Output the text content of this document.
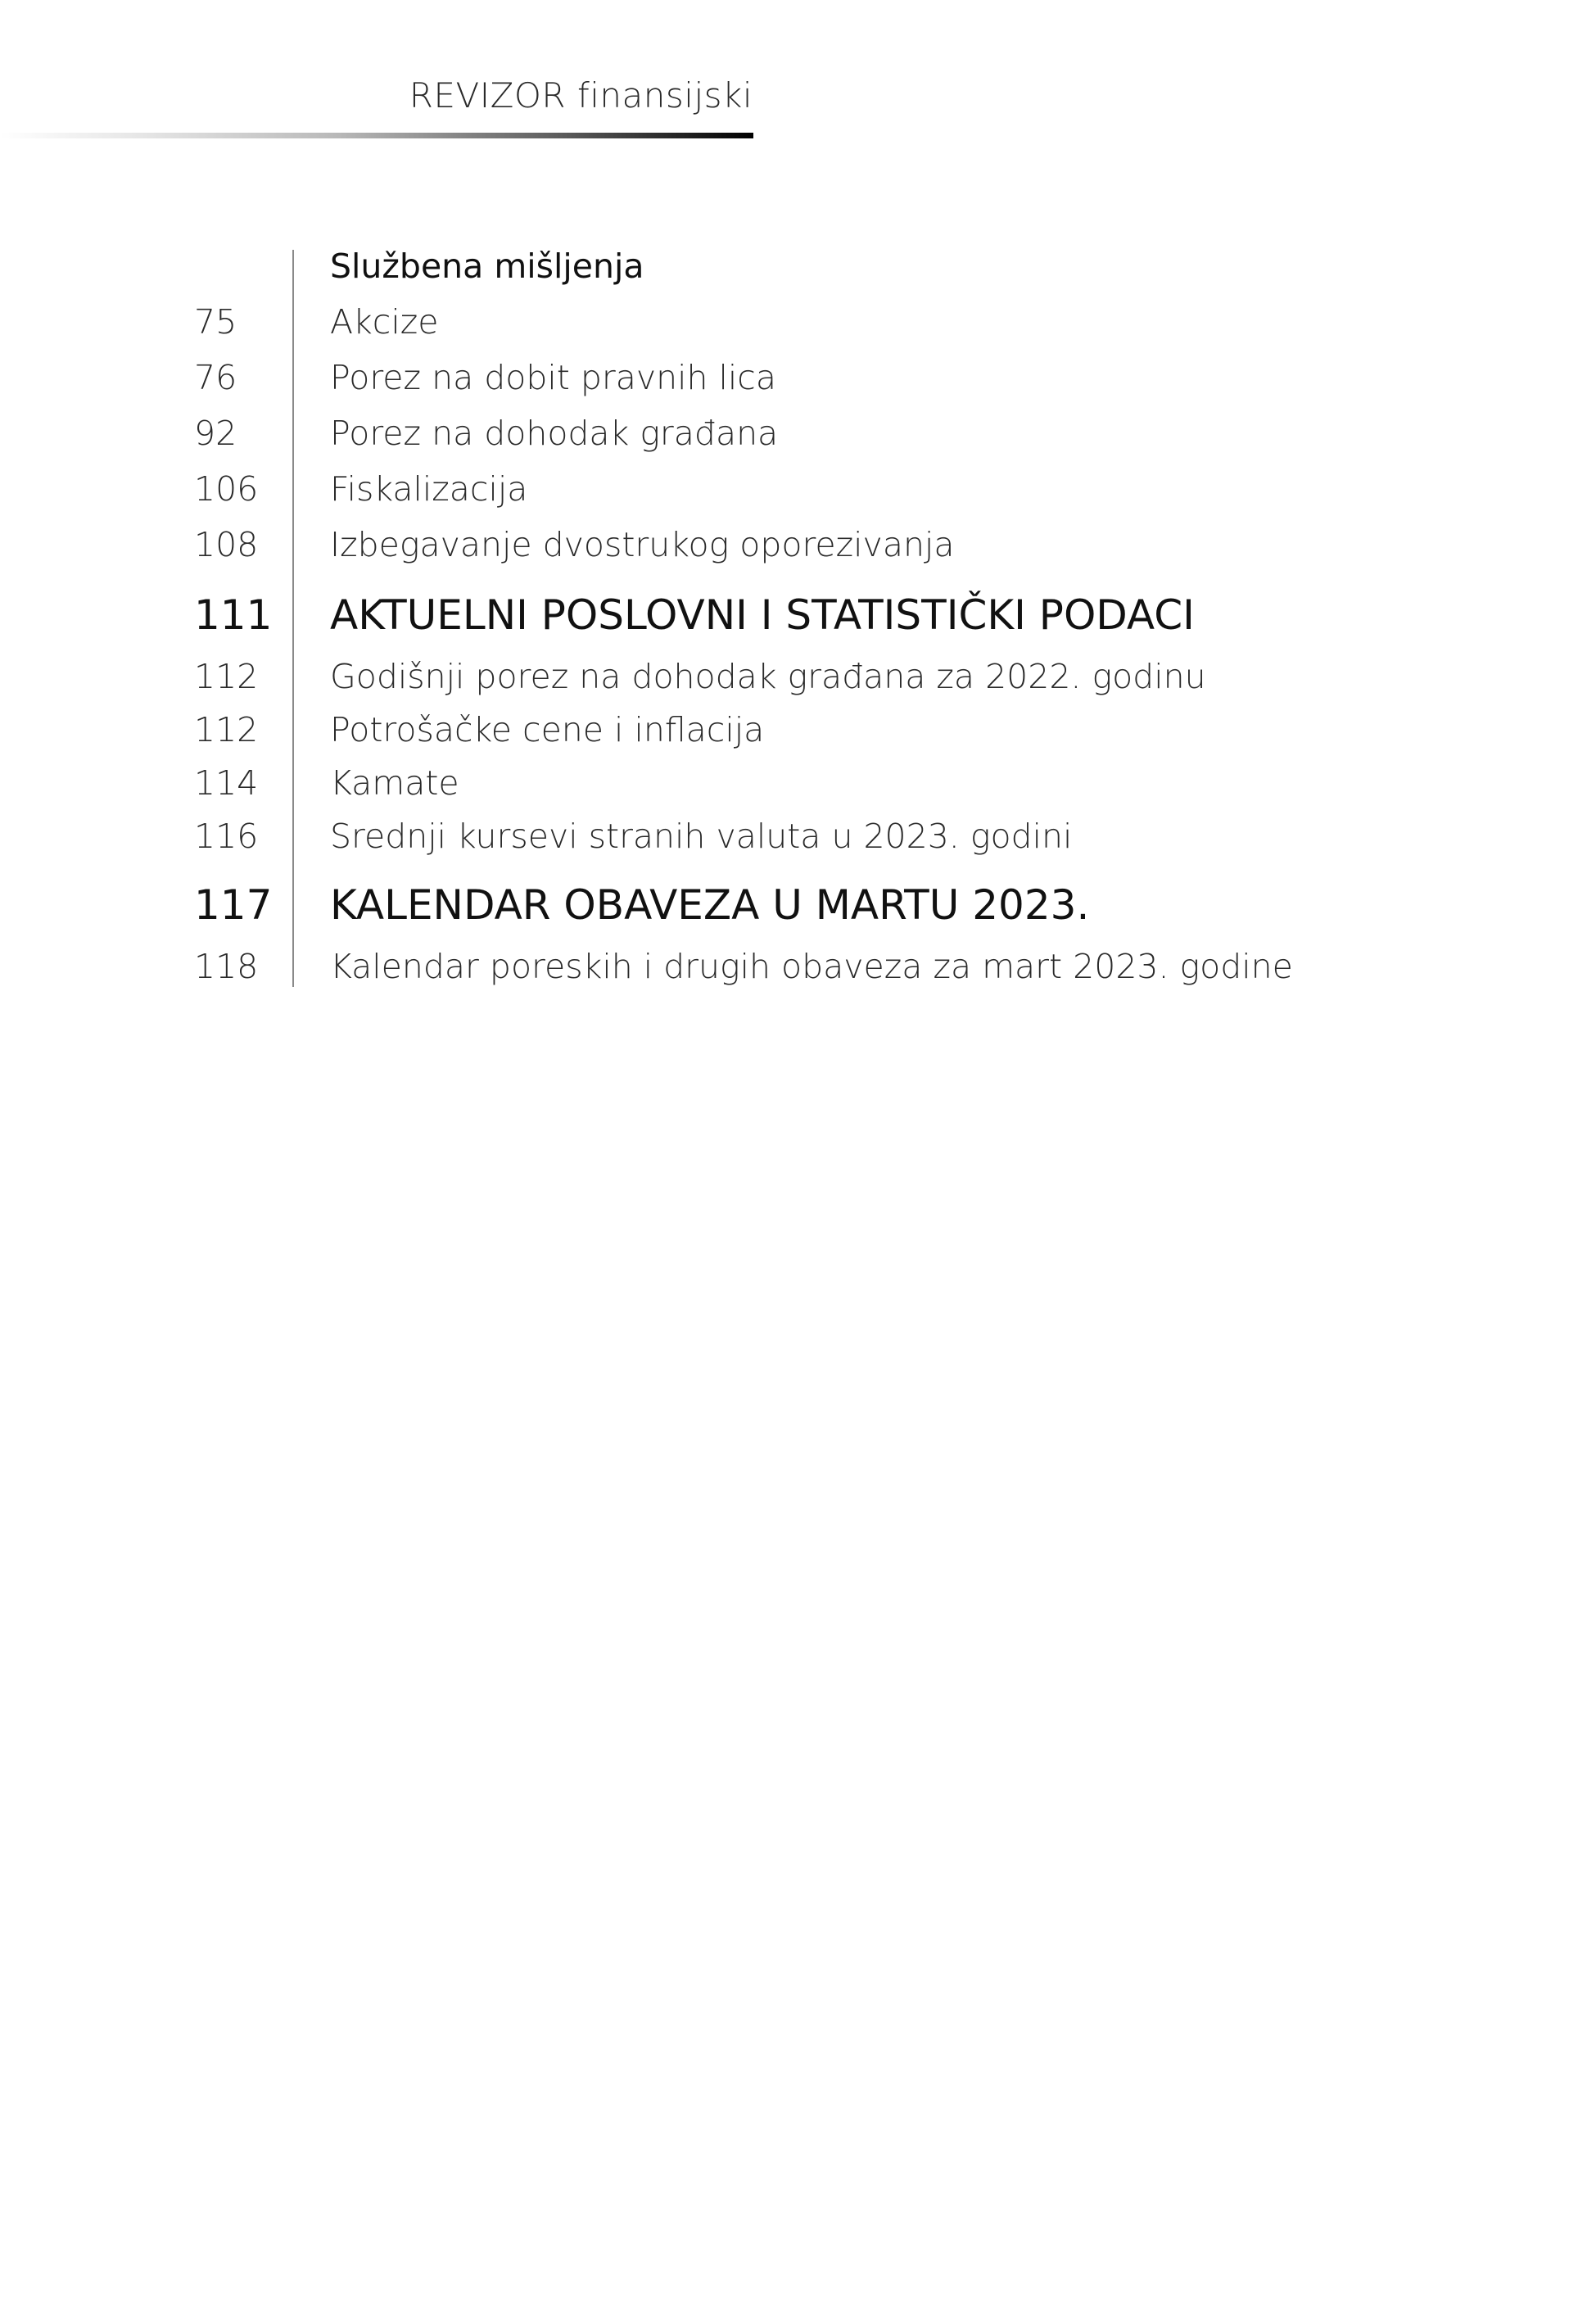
REVIZOR finansijski
Službena mišljenja
75	Akcize
76	Porez na dobit pravnih lica
92	Porez na dohodak građana
106 Fiskalizacija
108 Izbegavanje dvostrukog oporezivanja
111 AKTUELNI POSLOVNI I STATISTIČKI PODACI
112 Godišnji porez na dohodak građana za 2022. godinu
112 Potrošačke cene i inflacija
114 Kamate
116 Srednji kursevi stranih valuta u 2023. godini
117 KALENDAR OBAVEZA U MARTU 2023.
118 Kalendar poreskih i drugih obaveza za mart 2023. godine
